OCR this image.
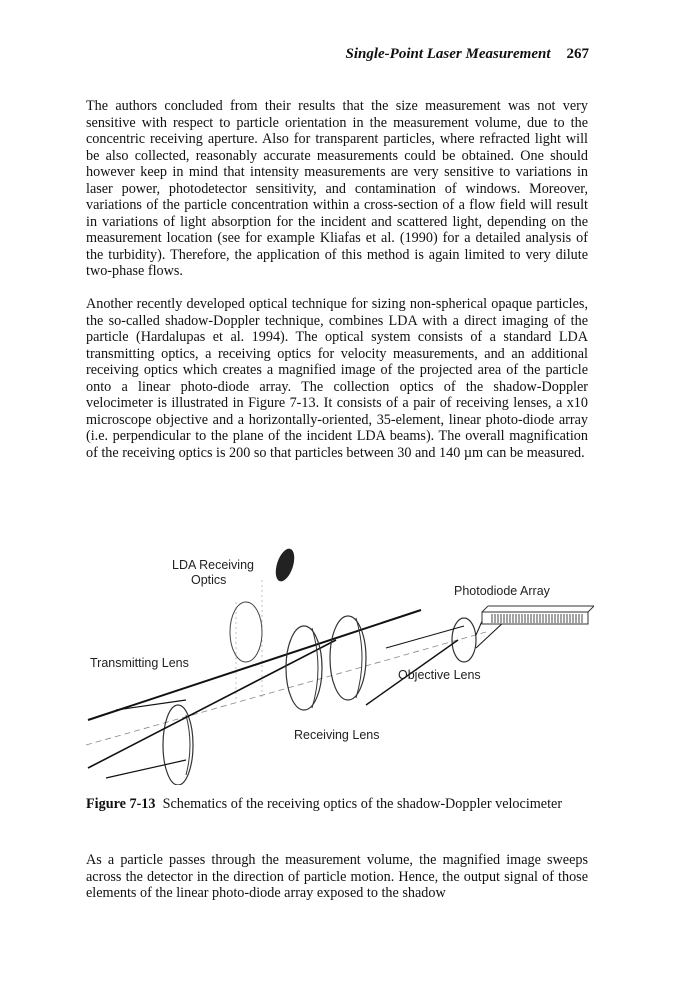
Single-Point Laser Measurement 267

The authors concluded from their results that the size measurement was not very sensitive with respect to particle orientation in the measurement volume, due to the concentric receiving aperture. Also for transparent particles, where refracted light will be also collected, reasonably accurate measurements could be obtained. One should however keep in mind that intensity measurements are very sensitive to variations in laser power, photodetector sensitivity, and contamination of windows. Moreover, variations of the particle concentration within a cross-section of a flow field will result in variations of light absorption for the incident and scattered light, depending on the measurement location (see for example Kliafas et al. (1990) for a detailed analysis of the turbidity). Therefore, the application of this method is again limited to very dilute two-phase flows.

Another recently developed optical technique for sizing non-spherical opaque particles, the so-called shadow-Doppler technique, combines LDA with a direct imaging of the particle (Hardalupas et al. 1994). The optical system consists of a standard LDA transmitting optics, a receiving optics for velocity measurements, and an additional receiving optics which creates a magnified image of the projected area of the particle onto a linear photo-diode array. The collection optics of the shadow-Doppler velocimeter is illustrated in Figure 7-13. It consists of a pair of receiving lenses, a x10 microscope objective and a horizontally-oriented, 35-element, linear photo-diode array (i.e. perpendicular to the plane of the incident LDA beams). The overall magnification of the receiving optics is 200 so that particles between 30 and 140 µm can be measured.

LDA Receiving
Optics
Photodiode Array
Transmitting Lens
Objective Lens
Receiving Lens

Figure 7-13 Schematics of the receiving optics of the shadow-Doppler velocimeter

As a particle passes through the measurement volume, the magnified image sweeps across the detector in the direction of particle motion. Hence, the output signal of those elements of the linear photo-diode array exposed to the shadow
